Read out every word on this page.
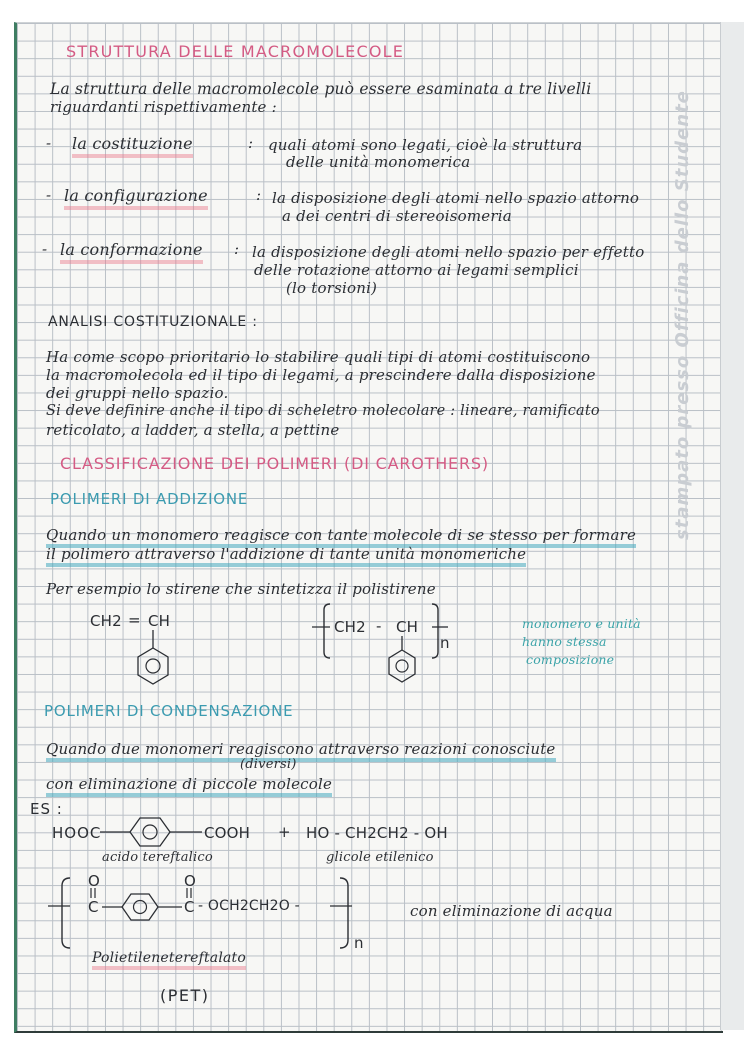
stampato presso Officina dello Studente
STRUTTURA DELLE MACROMOLECOLE
La struttura delle macromolecole può essere esaminata a tre livelli
riguardanti rispettivamente :
- la costituzione	: quali atomi sono legati, cioè la struttura
delle unità monomerica
- la configurazione	: la disposizione degli atomi nello spazio attorno
a dei centri di stereoisomeria
- la conformazione : la disposizione degli atomi nello spazio per effetto
delle rotazione attorno ai legami semplici
(lo torsioni)
ANALISI COSTITUZIONALE :
Ha come scopo prioritario lo stabilire quali tipi di atomi costituiscono
la macromolecola ed il tipo di legami, a prescindere dalla disposizione
dei gruppi nello spazio.
Si deve definire anche il tipo di scheletro molecolare : lineare, ramificato
reticolato, a ladder, a stella, a pettine
CLASSIFICAZIONE DEI POLIMERI (DI CAROTHERS)
POLIMERI DI ADDIZIONE
Quando un monomero reagisce con tante molecole di se stesso per formare
il polimero attraverso l'addizione di tante unità monomeriche
Per esempio lo stirene che sintetizza il polistirene
CH2 = CH	CH2 - CH
n
monomero e unità
hanno stessa
composizione
POLIMERI DI CONDENSAZIONE
Quando due monomeri reagiscono attraverso reazioni conosciute
(diversi)
con eliminazione di piccole molecole
ES :
HOOC	COOH + HO - CH2CH2 - OH
acido tereftalico	glicole etilenico
O	O
C	C - OCH2CH2O -
n
con eliminazione di acqua
Polietilenetereftalato
(PET)
